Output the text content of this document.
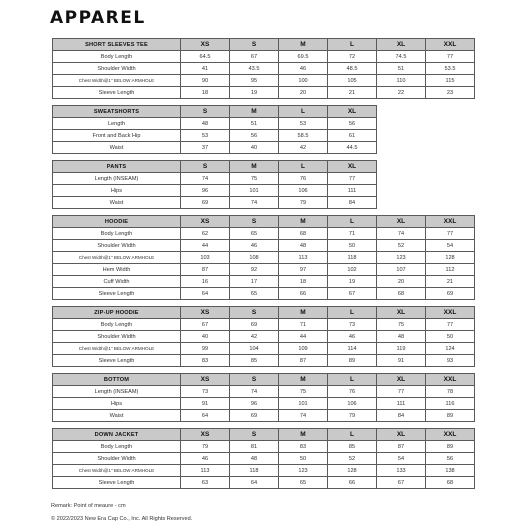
APPAREL
SHORT SLEEVES TEE	XS	S	M	L	XL	XXL
Body Length	64.5	67	69.5	72	74.5	77
Shoulder Width	41	43.5	46	48.5	51	53.5
Chest Width@1" BELOW ARMHOLE	90	95	100	105	110	115
Sleeve Length	18	19	20	21	22	23
SWEATSHORTS	S	M	L	XL
Length	48	51	53	56
Front and Back Hip	53	56	58.5	61
Waist	37	40	42	44.5
PANTS	S	M	L	XL
Length (INSEAM)	74	75	76	77
Hips	96	101	106	111
Waist	69	74	79	84
HOODIE	XS	S	M	L	XL	XXL
Body Length	62	65	68	71	74	77
Shoulder Width	44	46	48	50	52	54
Chest Width@1" BELOW ARMHOLE	103	108	113	118	123	128
Hem Width	87	92	97	102	107	112
Cuff Width	16	17	18	19	20	21
Sleeve Length	64	65	66	67	68	69
ZIP-UP HOODIE	XS	S	M	L	XL	XXL
Body Length	67	69	71	73	75	77
Shoulder Width	40	42	44	46	48	50
Chest Width@1" BELOW ARMHOLE	99	104	109	114	119	124
Sleeve Length	83	85	87	89	91	93
BOTTOM	XS	S	M	L	XL	XXL
Length (INSEAM)	73	74	75	76	77	78
Hips	91	96	101	106	111	116
Waist	64	69	74	79	84	89
DOWN JACKET	XS	S	M	L	XL	XXL
Body Length	79	81	83	85	87	89
Shoulder Width	46	48	50	52	54	56
Chest Width@1" BELOW ARMHOLE	113	118	123	128	133	138
Sleeve Length	63	64	65	66	67	68

Remark: Point of meaure - cm

© 2022/2023 New Era Cap Co., Inc. All Rights Reserved.
